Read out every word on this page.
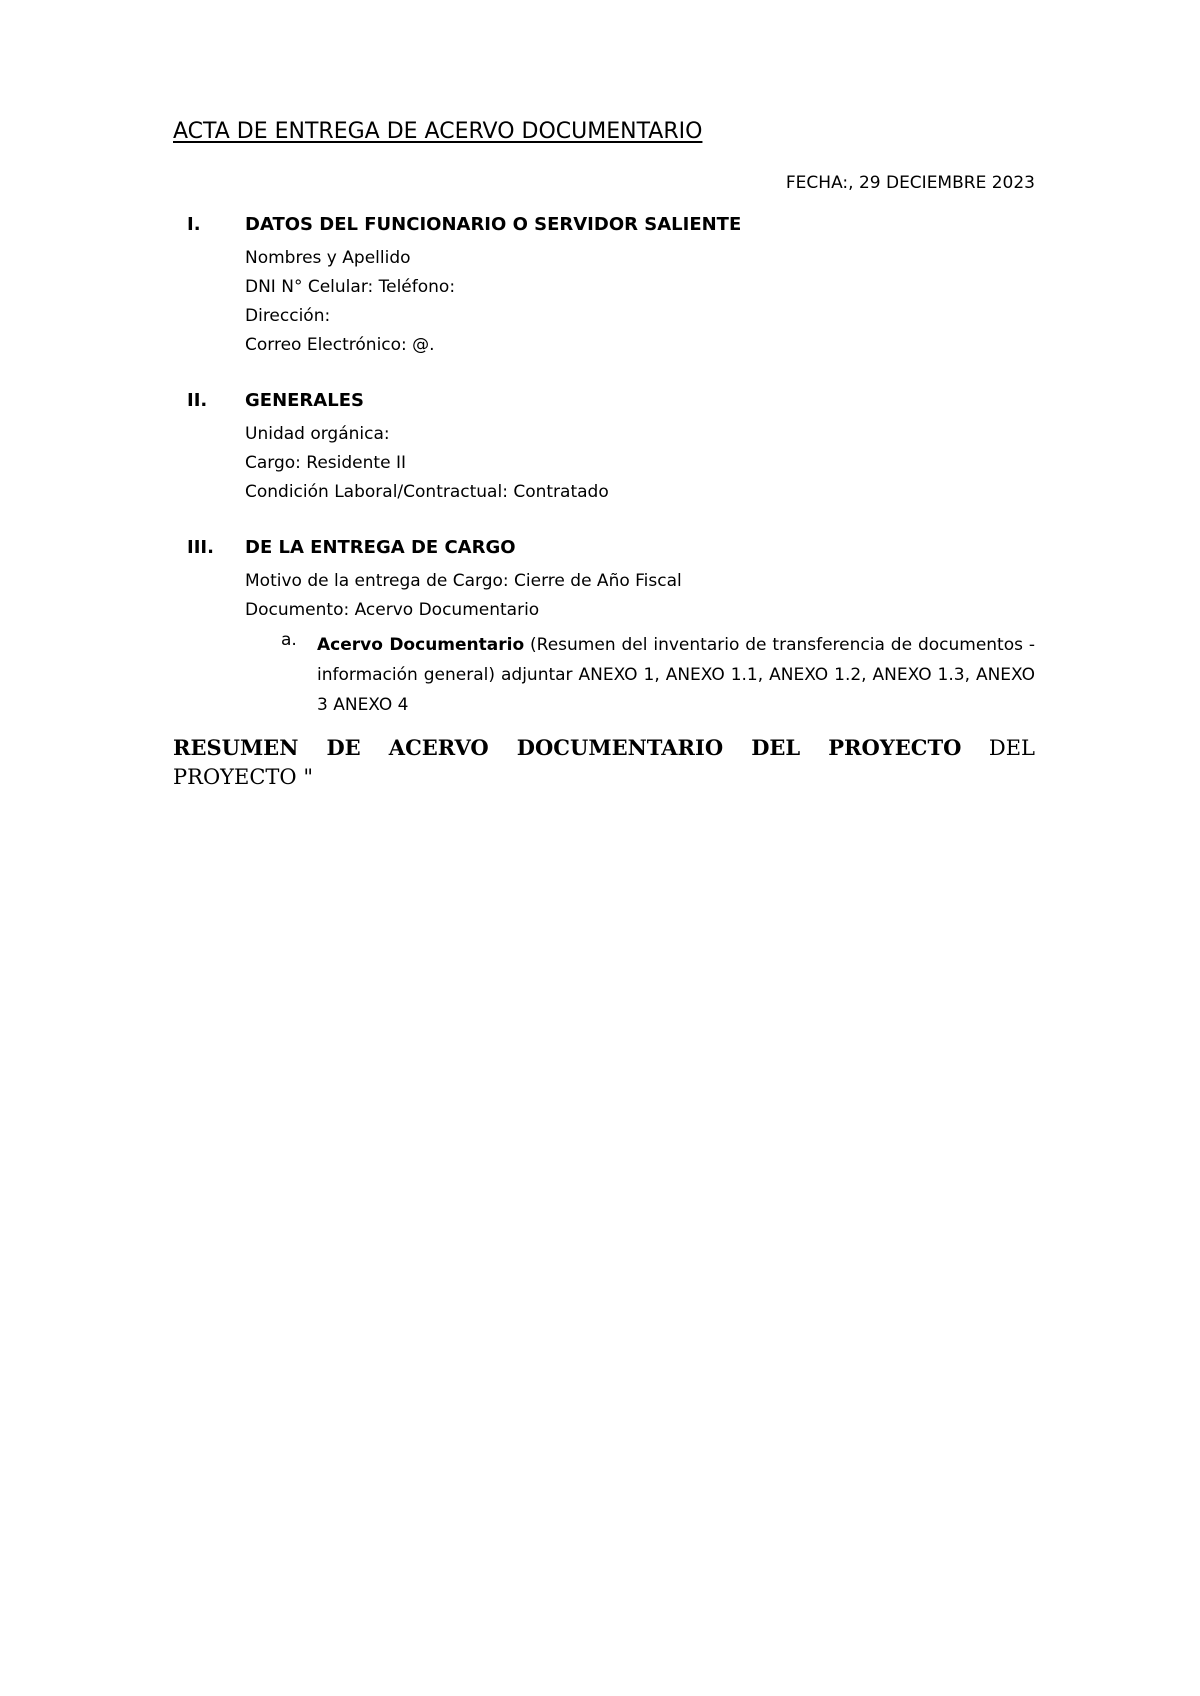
ACTA DE ENTREGA DE ACERVO DOCUMENTARIO
FECHA:, 29 DECIEMBRE 2023
I.	DATOS DEL FUNCIONARIO O SERVIDOR SALIENTE
Nombres y Apellido
DNI N° Celular: Teléfono:
Dirección:
Correo Electrónico: @.
II.	GENERALES
Unidad orgánica:
Cargo: Residente II
Condición Laboral/Contractual: Contratado
III.	DE LA ENTREGA DE CARGO
Motivo de la entrega de Cargo: Cierre de Año Fiscal
Documento: Acervo Documentario
a. Acervo Documentario (Resumen del inventario de transferencia de documentos - información general) adjuntar ANEXO 1, ANEXO 1.1, ANEXO 1.2, ANEXO 1.3, ANEXO 3 ANEXO 4
RESUMEN DE ACERVO DOCUMENTARIO DEL PROYECTO DEL PROYECTO "
